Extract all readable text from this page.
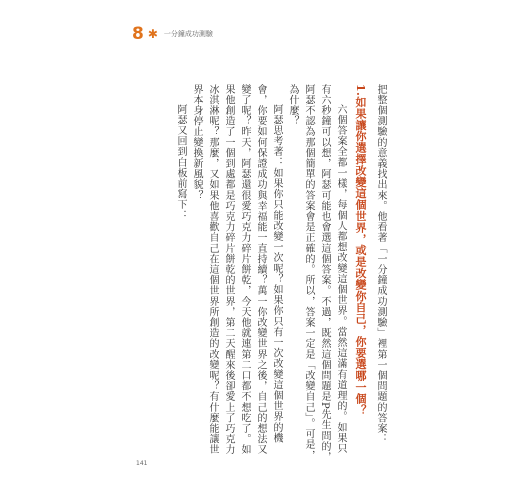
8 ✱ 一分鐘成功測驗

把整個測驗的意義找出來。他看著「一分鐘成功測驗」裡第一個問題的答案：

1.如果讓你選擇改變這個世界，或是改變你自己，你要選哪一個？

六個答案全都一樣，每個人都想改變這個世界。當然這滿有道理的。如果只有六秒鐘可以想，阿瑟可能也會選這個答案。不過，既然這個問題是P先生問的，阿瑟不認為那個簡單的答案會是正確的。所以，答案一定是「改變自己」。可是，為什麼？

阿瑟思考著：如果你只能改變一次呢？如果你只有一次改變這個世界的機會，你要如何保證成功與幸福能一直持續？萬一你改變世界之後，自己的想法又變了呢？昨天，阿瑟還很愛巧克力碎片餅乾，今天他就連第二口都不想吃了。如果他創造了一個到處都是巧克力碎片餅乾的世界，第二天醒來後卻愛上了巧克力冰淇淋呢？那麼，又如果他喜歡自己在這個世界所創造的改變呢？有什麼能讓世界本身停止變換新風貌？

阿瑟又回到白板前寫下：

141
